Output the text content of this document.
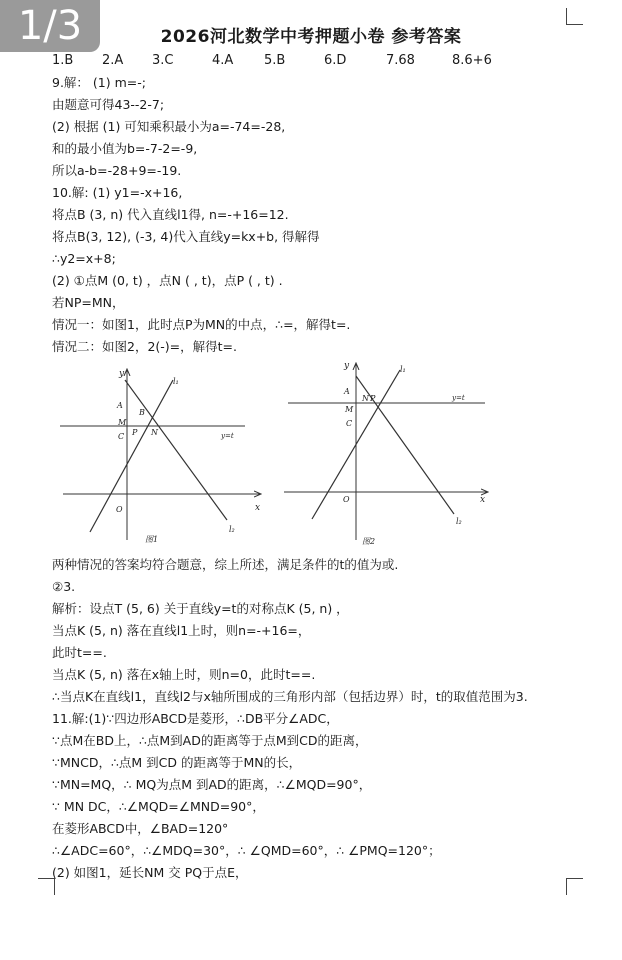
1/3	2026河北数学中考押题小卷 参考答案
1.B 2.A 3.C	4.A 5.B	6.D	7.68	8.6+6
9.解： (1) m=-;
由题意可得43--2-7;
(2) 根据 (1) 可知乘积最小为a=-74=-28,
和的最小值为b=-7-2=-9,
所以a-b=-28+9=-19.
10.解: (1) y1=-x+16,
将点B (3, n) 代入直线l1得, n=-+16=12.
将点B(3, 12), (-3, 4)代入直线y=kx+b, 得解得
∴y2=x+8;
(2) ①点M (0, t) ，点N ( , t)，点P ( , t) .
若NP=MN，
情况一：如图1，此时点P为MN的中点，∴=，解得t=.
情况二：如图2，2(-)=，解得t=.
y
x
l₁
l₂
A
B
M
C P N
O
y=t
图1
y
x
l₁
l₂
A
M
N P
C
O
y=t
图2
两种情况的答案均符合题意，综上所述，满足条件的t的值为或.
②3.
解析：设点T (5, 6) 关于直线y=t的对称点K (5, n) ，
当点K (5, n) 落在直线l1上时，则n=-+16=，
此时t==.
当点K (5, n) 落在x轴上时，则n=0，此时t==.
∴当点K在直线l1，直线l2与x轴所围成的三角形内部（包括边界）时，t的取值范围为3.
11.解:(1)∵四边形ABCD是菱形，∴DB平分∠ADC，
∵点M在BD上，∴点M到AD的距离等于点M到CD的距离，
∵MNCD，∴点M 到CD 的距离等于MN的长，
∵MN=MQ，∴ MQ为点M 到AD的距离，∴∠MQD=90°，
∵ MN DC，∴∠MQD=∠MND=90°，
在菱形ABCD中，∠BAD=120°
∴∠ADC=60°，∴∠MDQ=30°，∴ ∠QMD=60°，∴ ∠PMQ=120°；
(2) 如图1，延长NM 交 PQ于点E，
